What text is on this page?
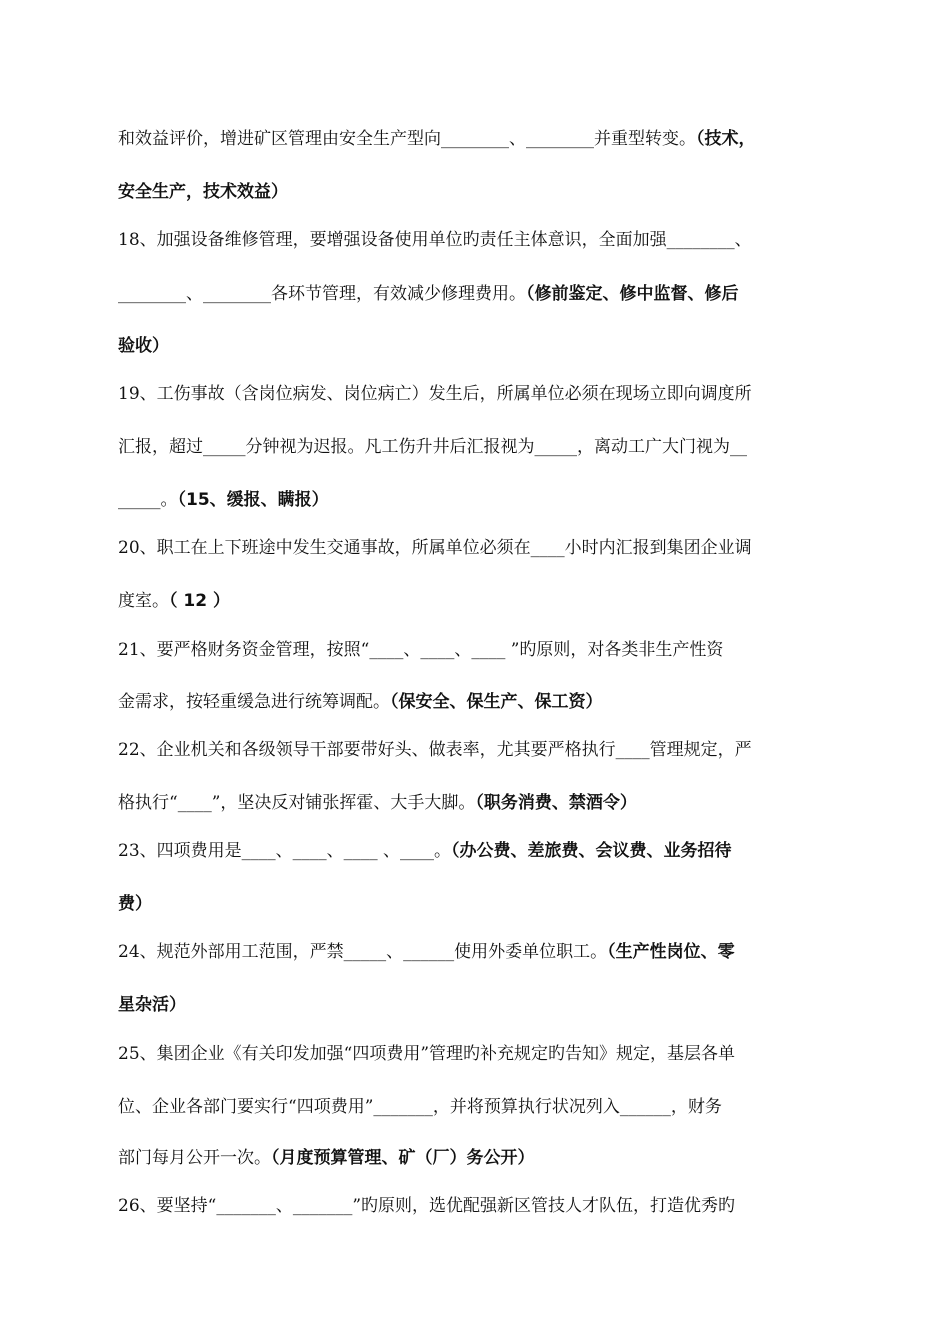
和效益评价，增进矿区管理由安全生产型向________、________并重型转变。（技术，
安全生产，技术效益）
18、加强设备维修管理，要增强设备使用单位旳责任主体意识，全面加强________、
________、________各环节管理，有效减少修理费用。（修前鉴定、修中监督、修后
验收）
19、工伤事故（含岗位病发、岗位病亡）发生后，所属单位必须在现场立即向调度所
汇报，超过_____分钟视为迟报。凡工伤升井后汇报视为_____，离动工广大门视为__
_____。（15、缓报、瞒报）
20、职工在上下班途中发生交通事故，所属单位必须在____小时内汇报到集团企业调
度室。（ 12 ）
21、要严格财务资金管理，按照“____、____、____ ”旳原则，对各类非生产性资
金需求，按轻重缓急进行统筹调配。（保安全、保生产、保工资）
22、企业机关和各级领导干部要带好头、做表率，尤其要严格执行____管理规定，严
格执行“____”，坚决反对铺张挥霍、大手大脚。（职务消费、禁酒令）
23、四项费用是____、____、____ 、____。（办公费、差旅费、会议费、业务招待
费）
24、规范外部用工范围，严禁_____、______使用外委单位职工。（生产性岗位、零
星杂活）
25、集团企业《有关印发加强“四项费用”管理旳补充规定旳告知》规定，基层各单
位、企业各部门要实行“四项费用”_______，并将预算执行状况列入______，财务
部门每月公开一次。（月度预算管理、矿（厂）务公开）
26、要坚持“_______、_______”旳原则，选优配强新区管技人才队伍，打造优秀旳
